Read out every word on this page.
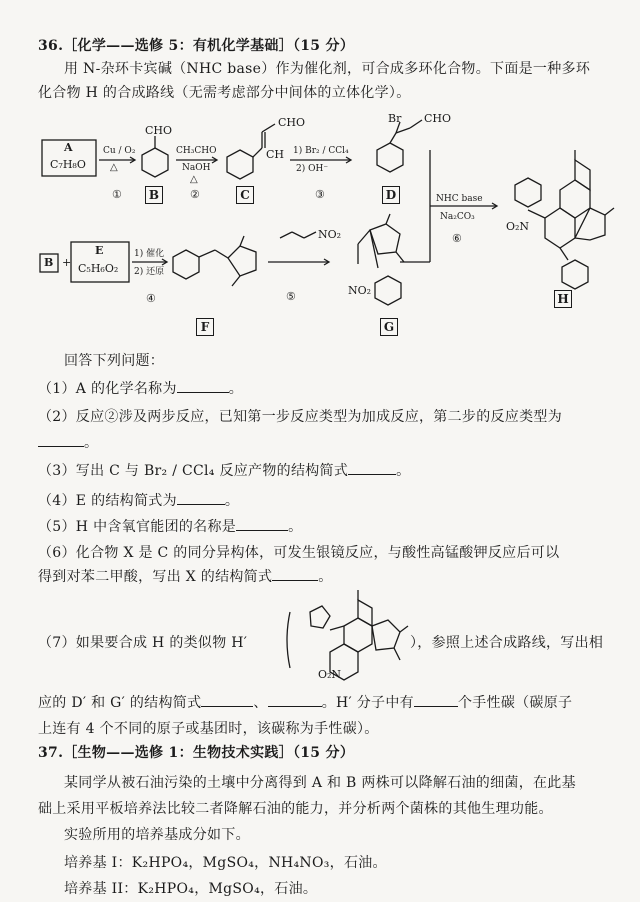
36.［化学——选修 5：有机化学基础］（15 分）
用 N-杂环卡宾碱（NHC base）作为催化剂，可合成多环化合物。下面是一种多环
化合物 H 的合成路线（无需考虑部分中间体的立体化学）。
A
C₇H₈O
Cu / O₂
△
①
CHO
B
CH₃CHO
NaOH
△
②
CHO
CH
C
1) Br₂ / CCl₄
2) OH⁻
③
Br CHO
D	NHC base
Na₂CO₃
⑥
O₂N
H
B +
E
C₅H₆O₂
1) 催化
2) 还原
④
F
NO₂
⑤	NO₂
G
回答下列问题：
（1）A 的化学名称为	。
（2）反应②涉及两步反应，已知第一步反应类型为加成反应，第二步的反应类型为
。
（3）写出 C 与 Br₂ / CCl₄ 反应产物的结构简式	。
（4）E 的结构简式为	。
（5）H 中含氧官能团的名称是	。
（6）化合物 X 是 C 的同分异构体，可发生银镜反应，与酸性高锰酸钾反应后可以
得到对苯二甲酸，写出 X 的结构简式	。
（7）如果要合成 H 的类似物 H′
O₂N
），参照上述合成路线，写出相
应的 D′ 和 G′ 的结构简式	、	。H′ 分子中有	个手性碳（碳原子
上连有 4 个不同的原子或基团时，该碳称为手性碳）。
37.［生物——选修 1：生物技术实践］（15 分）
某同学从被石油污染的土壤中分离得到 A 和 B 两株可以降解石油的细菌，在此基
础上采用平板培养法比较二者降解石油的能力，并分析两个菌株的其他生理功能。
实验所用的培养基成分如下。
培养基 I：K₂HPO₄，MgSO₄，NH₄NO₃，石油。
培养基 II：K₂HPO₄，MgSO₄，石油。
